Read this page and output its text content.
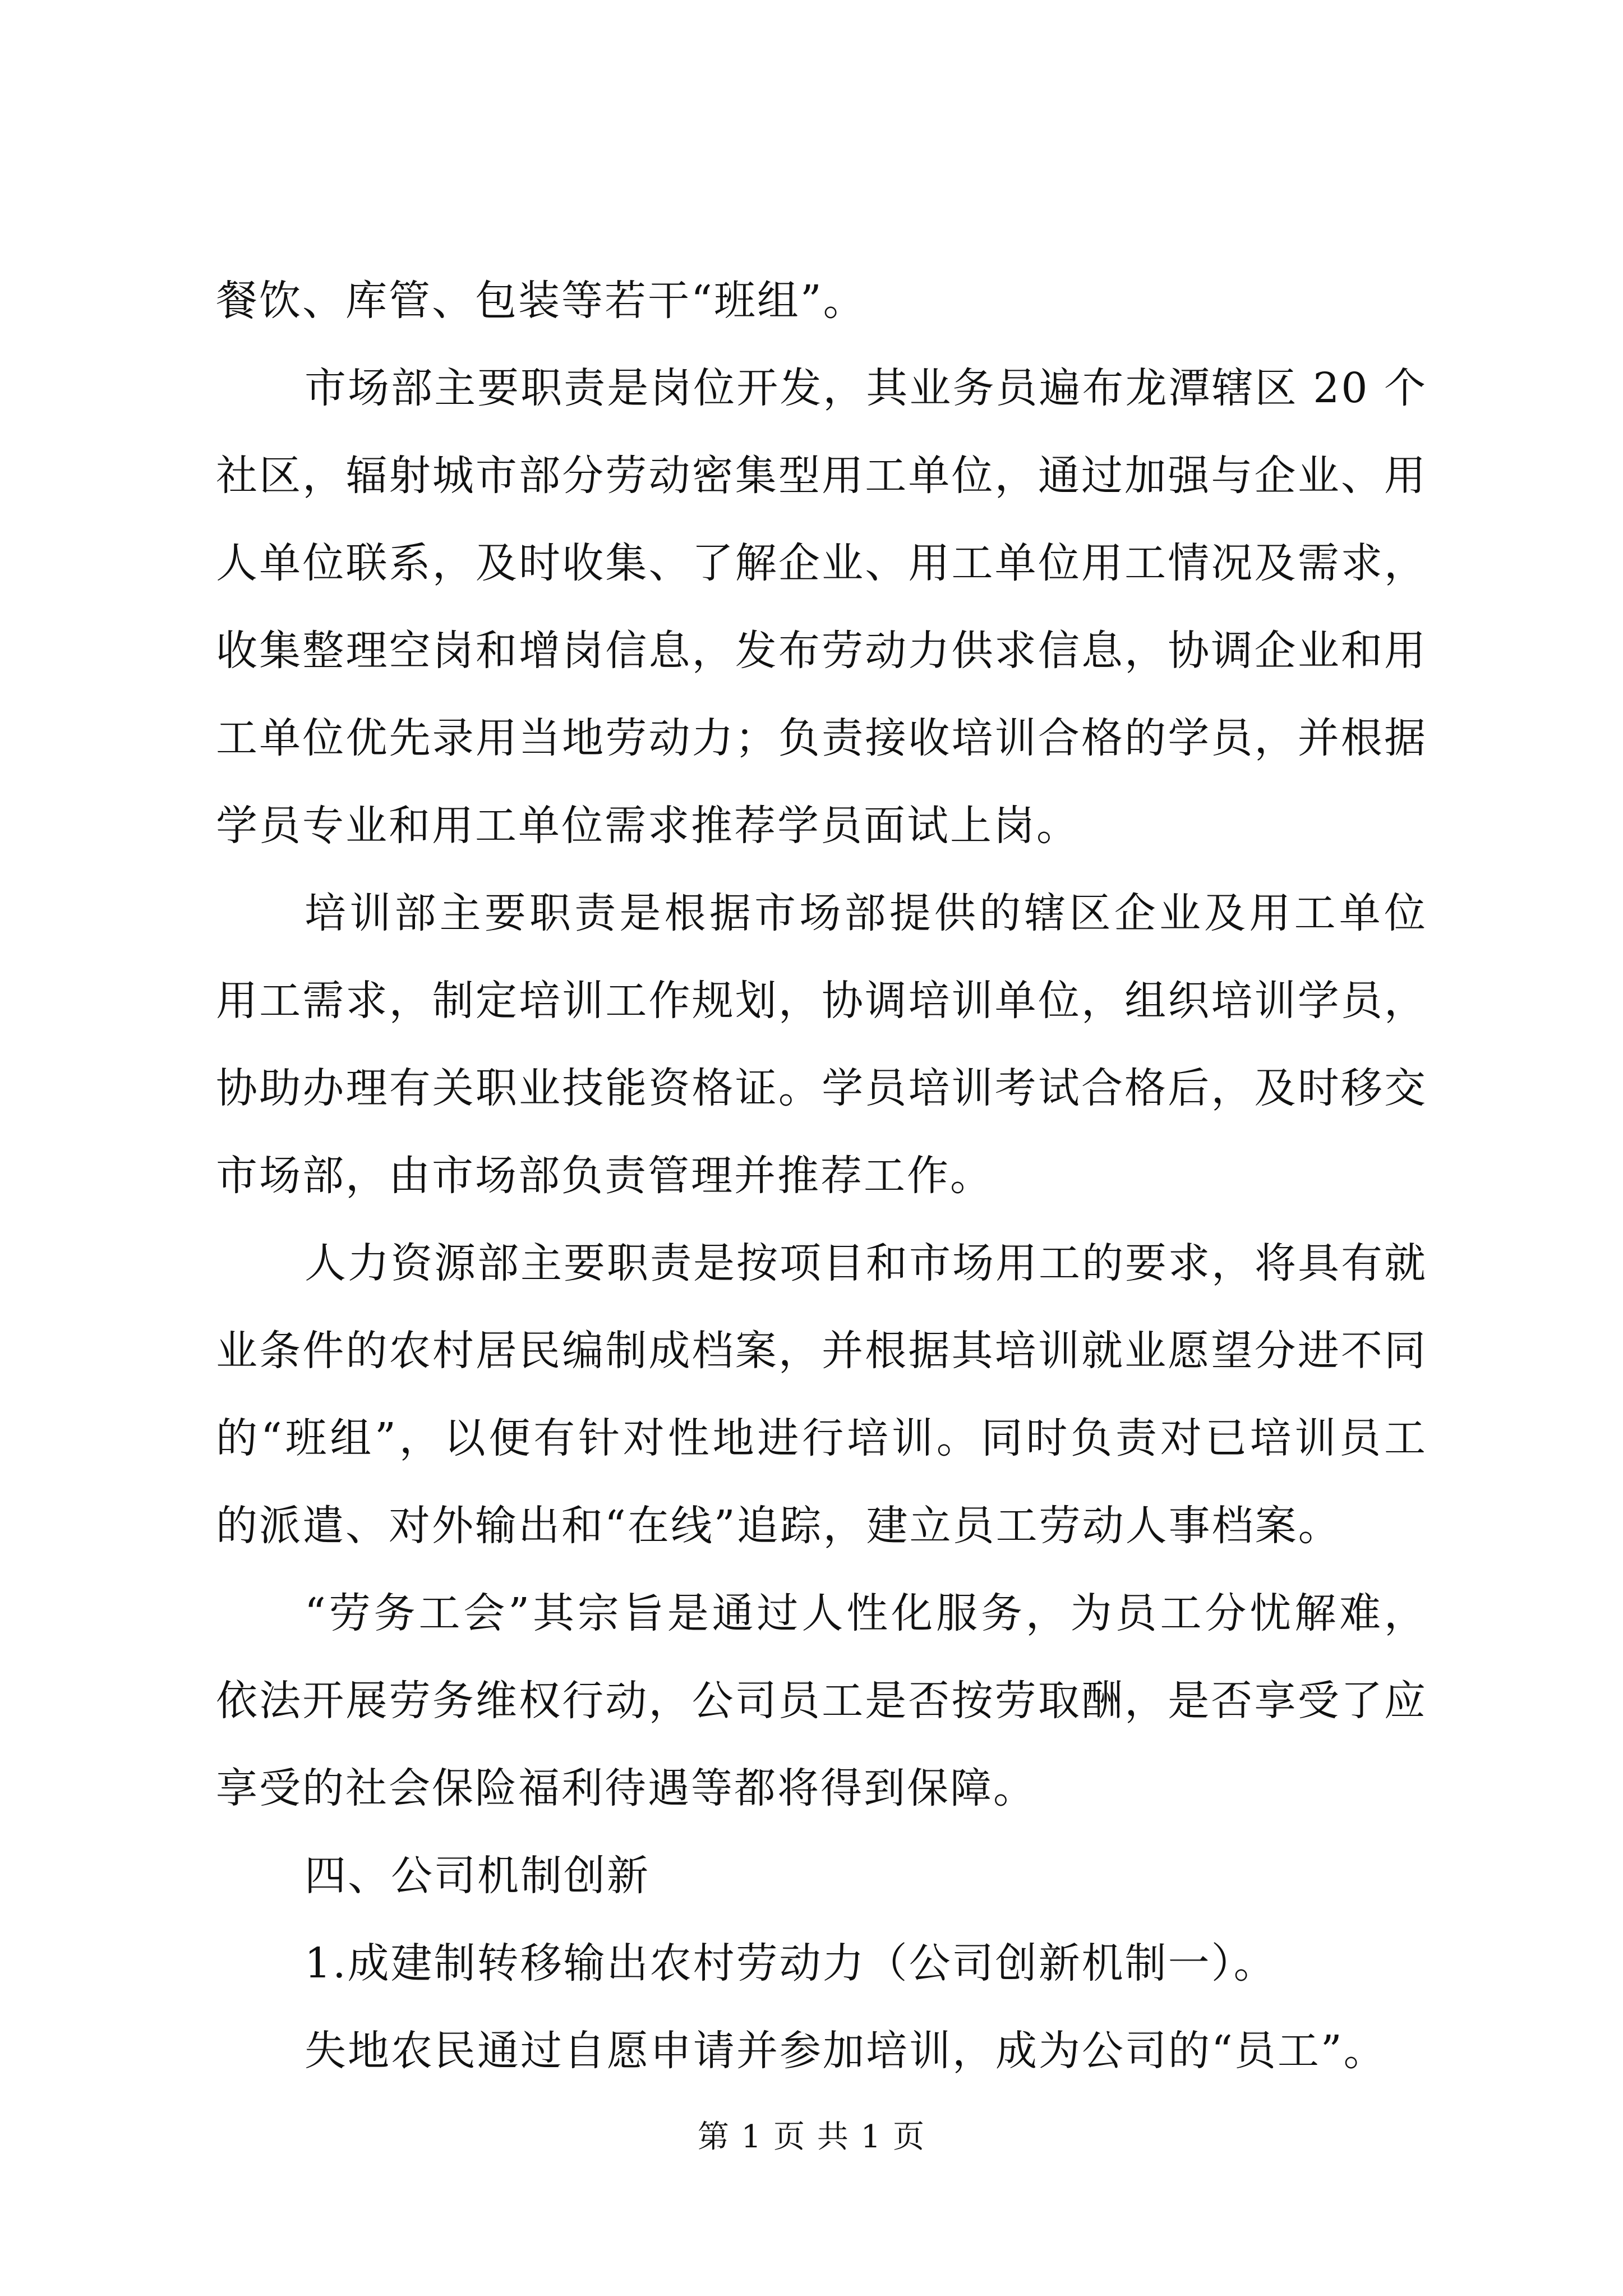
餐饮、库管、包装等若干“班组”。
市场部主要职责是岗位开发，其业务员遍布龙潭辖区 20 个
社区，辐射城市部分劳动密集型用工单位，通过加强与企业、用
人单位联系，及时收集、了解企业、用工单位用工情况及需求，
收集整理空岗和增岗信息，发布劳动力供求信息，协调企业和用
工单位优先录用当地劳动力；负责接收培训合格的学员，并根据
学员专业和用工单位需求推荐学员面试上岗。
培训部主要职责是根据市场部提供的辖区企业及用工单位
用工需求，制定培训工作规划，协调培训单位，组织培训学员，
协助办理有关职业技能资格证。学员培训考试合格后，及时移交
市场部，由市场部负责管理并推荐工作。
人力资源部主要职责是按项目和市场用工的要求，将具有就
业条件的农村居民编制成档案，并根据其培训就业愿望分进不同
的“班组”，以便有针对性地进行培训。同时负责对已培训员工
的派遣、对外输出和“在线”追踪，建立员工劳动人事档案。
“劳务工会”其宗旨是通过人性化服务，为员工分忧解难，
依法开展劳务维权行动，公司员工是否按劳取酬，是否享受了应
享受的社会保险福利待遇等都将得到保障。
四、公司机制创新
1.成建制转移输出农村劳动力（公司创新机制一）。
失地农民通过自愿申请并参加培训，成为公司的“员工”。
第 1 页 共 1 页
